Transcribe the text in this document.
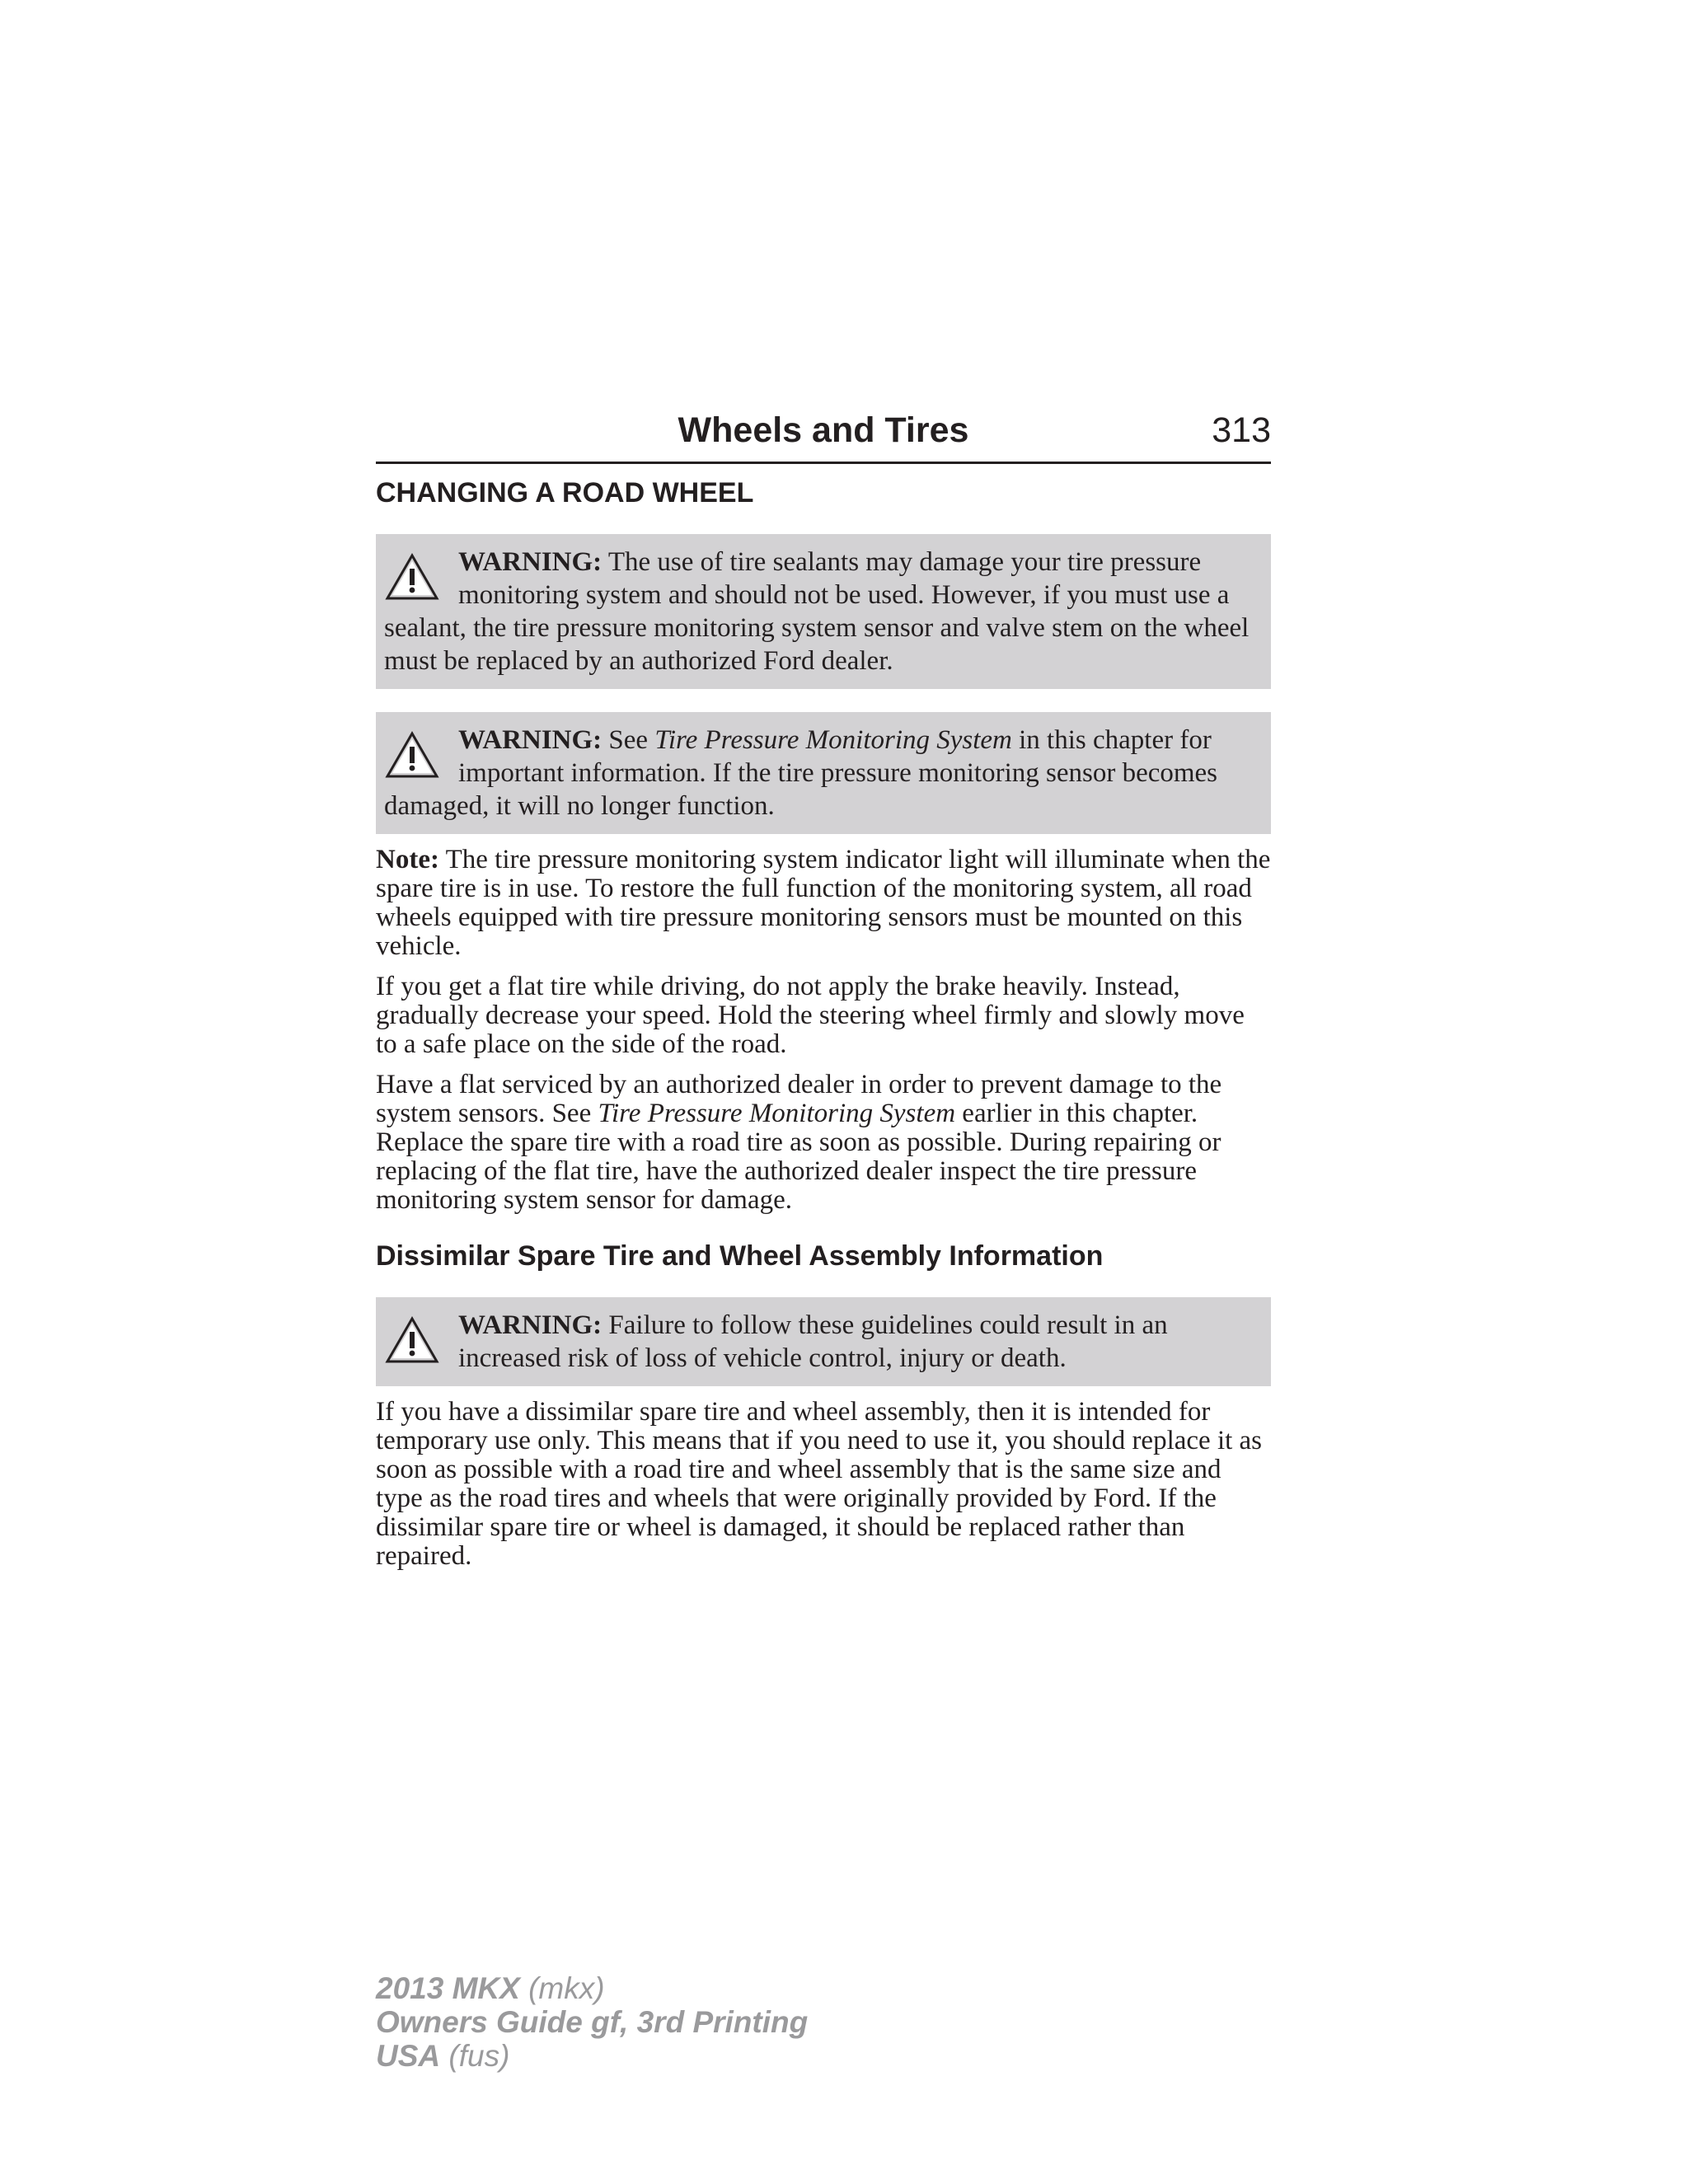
Wheels and Tires	313
CHANGING A ROAD WHEEL
WARNING: The use of tire sealants may damage your tire pressure monitoring system and should not be used. However, if you must use a sealant, the tire pressure monitoring system sensor and valve stem on the wheel must be replaced by an authorized Ford dealer.
WARNING: See Tire Pressure Monitoring System in this chapter for important information. If the tire pressure monitoring sensor becomes damaged, it will no longer function.

Note: The tire pressure monitoring system indicator light will illuminate when the spare tire is in use. To restore the full function of the monitoring system, all road wheels equipped with tire pressure monitoring sensors must be mounted on this vehicle.

If you get a flat tire while driving, do not apply the brake heavily. Instead, gradually decrease your speed. Hold the steering wheel firmly and slowly move to a safe place on the side of the road.

Have a flat serviced by an authorized dealer in order to prevent damage to the system sensors. See Tire Pressure Monitoring System earlier in this chapter. Replace the spare tire with a road tire as soon as possible. During repairing or replacing of the flat tire, have the authorized dealer inspect the tire pressure monitoring system sensor for damage.

Dissimilar Spare Tire and Wheel Assembly Information
WARNING: Failure to follow these guidelines could result in an increased risk of loss of vehicle control, injury or death.

If you have a dissimilar spare tire and wheel assembly, then it is intended for temporary use only. This means that if you need to use it, you should replace it as soon as possible with a road tire and wheel assembly that is the same size and type as the road tires and wheels that were originally provided by Ford. If the dissimilar spare tire or wheel is damaged, it should be replaced rather than repaired.

2013 MKX (mkx)
Owners Guide gf, 3rd Printing
USA (fus)
